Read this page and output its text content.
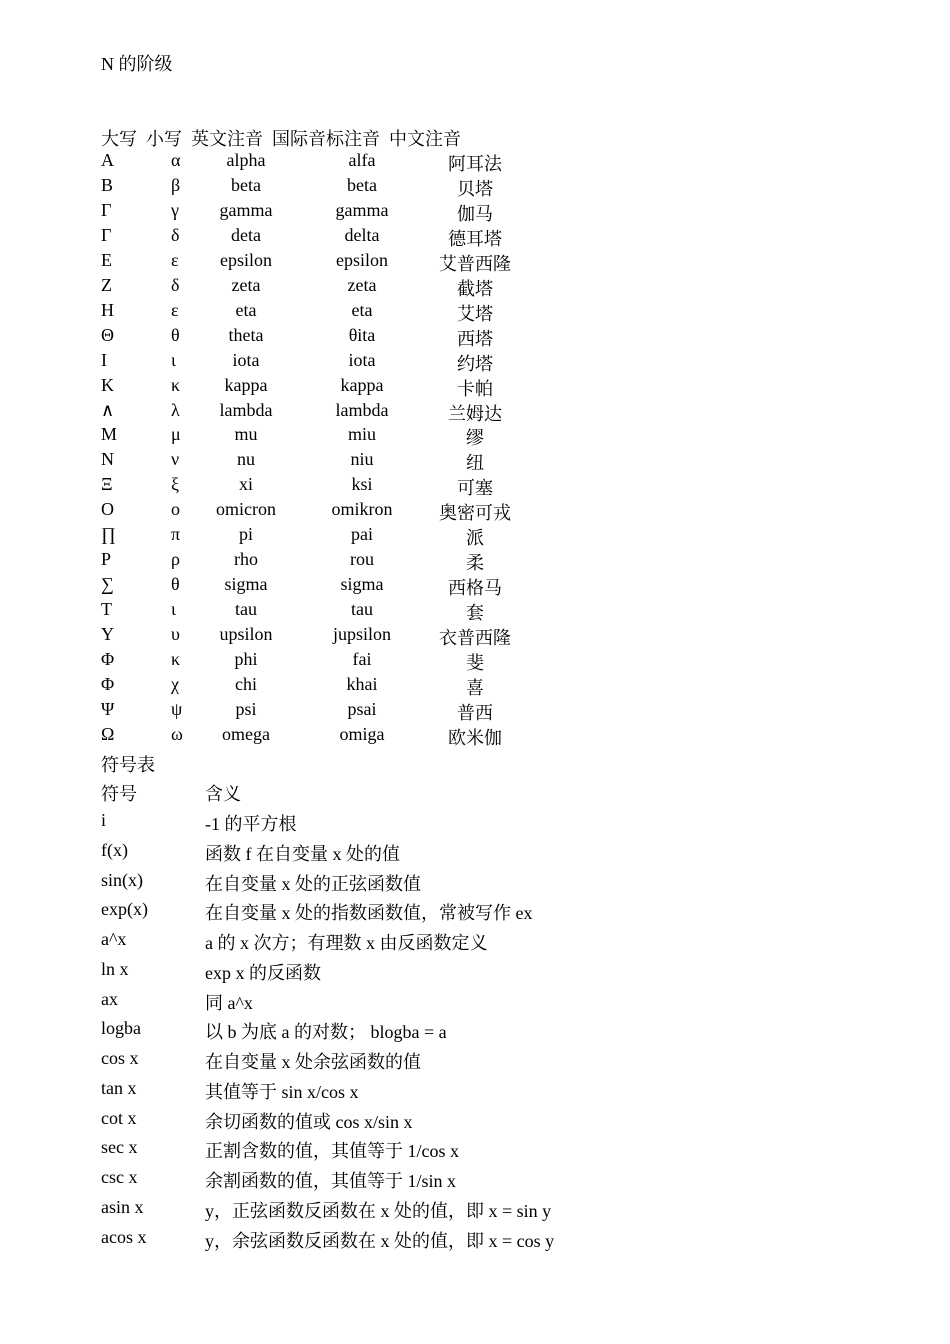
N 的阶级
大写  小写  英文注音  国际音标注音  中文注音
A	α	alpha	alfa	阿耳法
B	β	beta	beta	贝塔
Γ	γ	gamma	gamma	伽马
Γ	δ	deta	delta	德耳塔
E	ε	epsilon	epsilon	艾普西隆
Z	δ	zeta	zeta	截塔
H	ε	eta	eta	艾塔
Θ	θ	theta	θita	西塔
I	ι	iota	iota	约塔
K	κ	kappa	kappa	卡帕
∧	λ	lambda	lambda	兰姆达
M	μ	mu	miu	缪
N	ν	nu	niu	纽
Ξ	ξ	xi	ksi	可塞
O	ο	omicron	omikron	奥密可戎
∏	π	pi	pai	派
P	ρ	rho	rou	柔
∑	θ	sigma	sigma	西格马
T	ι	tau	tau	套
Y	υ	upsilon	jupsilon	衣普西隆
Φ	κ	phi	fai	斐
Φ	χ	chi	khai	喜
Ψ	ψ	psi	psai	普西
Ω	ω	omega	omiga	欧米伽
符号表
符号	含义
i	-1 的平方根
f(x)	函数 f 在自变量 x 处的值
sin(x)	在自变量 x 处的正弦函数值
exp(x)	在自变量 x 处的指数函数值，常被写作 ex
a^x	a 的 x 次方；有理数 x 由反函数定义
ln x	exp x 的反函数
ax	同 a^x
logba	以 b 为底 a 的对数； blogba = a
cos x	在自变量 x 处余弦函数的值
tan x	其值等于 sin x/cos x
cot x	余切函数的值或 cos x/sin x
sec x	正割含数的值，其值等于 1/cos x
csc x	余割函数的值，其值等于 1/sin x
asin x	y，正弦函数反函数在 x 处的值，即 x = sin y
acos x	y，余弦函数反函数在 x 处的值，即 x = cos y
